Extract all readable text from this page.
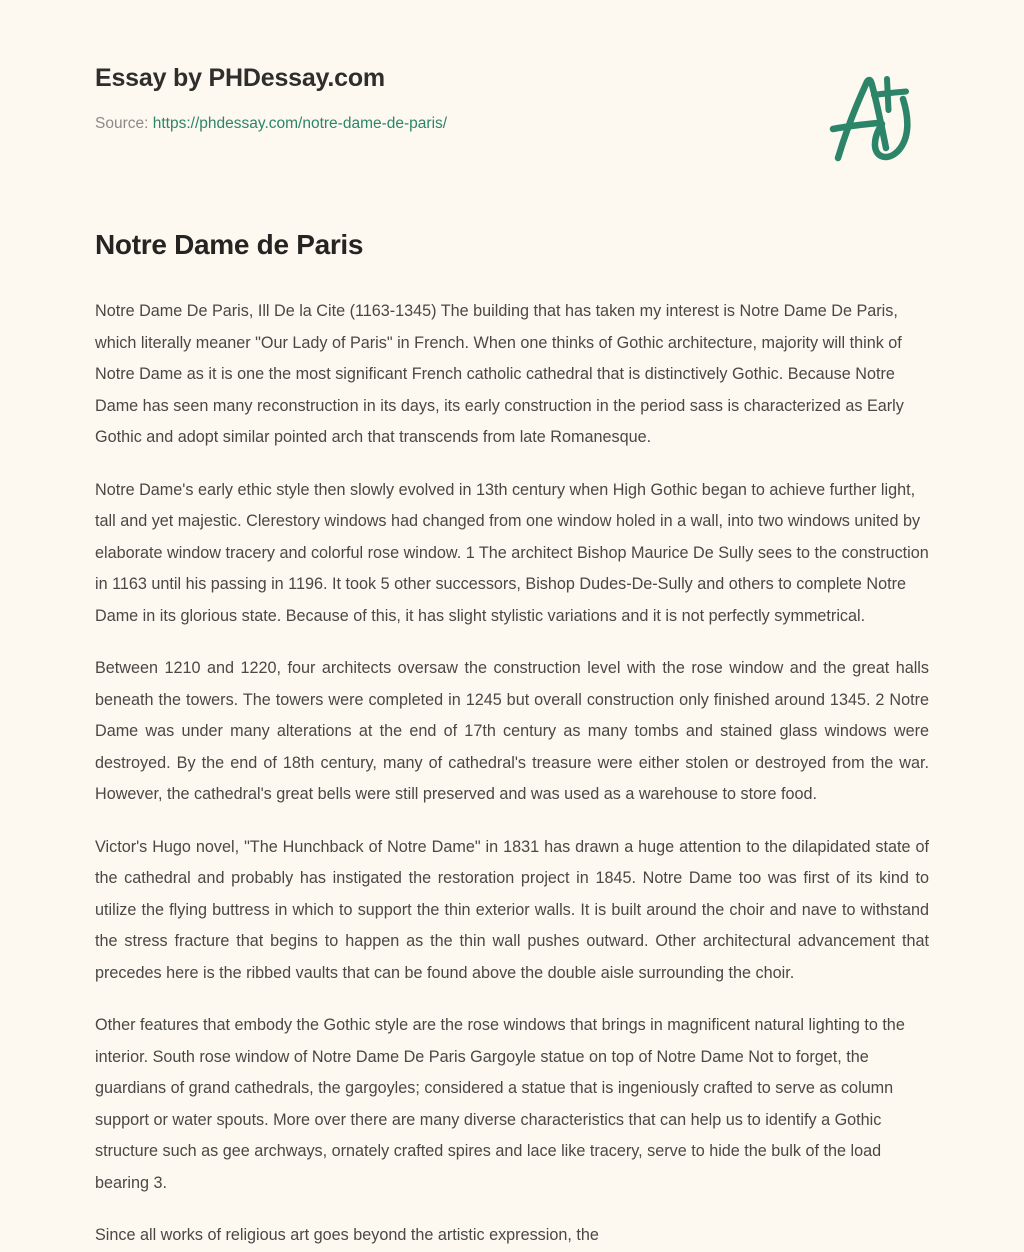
Essay by PHDessay.com

Source: https://phdessay.com/notre-dame-de-paris/

Notre Dame de Paris

Notre Dame De Paris, Ill De la Cite (1163-1345) The building that has taken my interest is Notre Dame De Paris, which literally meaner "Our Lady of Paris" in French. When one thinks of Gothic architecture, majority will think of Notre Dame as it is one the most significant French catholic cathedral that is distinctively Gothic. Because Notre Dame has seen many reconstruction in its days, its early construction in the period sass is characterized as Early Gothic and adopt similar pointed arch that transcends from late Romanesque.

Notre Dame's early ethic style then slowly evolved in 13th century when High Gothic began to achieve further light, tall and yet majestic. Clerestory windows had changed from one window holed in a wall, into two windows united by elaborate window tracery and colorful rose window. 1 The architect Bishop Maurice De Sully sees to the construction in 1163 until his passing in 1196. It took 5 other successors, Bishop Dudes-De-Sully and others to complete Notre Dame in its glorious state. Because of this, it has slight stylistic variations and it is not perfectly symmetrical.

Between 1210 and 1220, four architects oversaw the construction level with the rose window and the great halls beneath the towers. The towers were completed in 1245 but overall construction only finished around 1345. 2 Notre Dame was under many alterations at the end of 17th century as many tombs and stained glass windows were destroyed. By the end of 18th century, many of cathedral's treasure were either stolen or destroyed from the war. However, the cathedral's great bells were still preserved and was used as a warehouse to store food.

Victor's Hugo novel, "The Hunchback of Notre Dame" in 1831 has drawn a huge attention to the dilapidated state of the cathedral and probably has instigated the restoration project in 1845. Notre Dame too was first of its kind to utilize the flying buttress in which to support the thin exterior walls. It is built around the choir and nave to withstand the stress fracture that begins to happen as the thin wall pushes outward. Other architectural advancement that precedes here is the ribbed vaults that can be found above the double aisle surrounding the choir.

Other features that embody the Gothic style are the rose windows that brings in magnificent natural lighting to the interior. South rose window of Notre Dame De Paris Gargoyle statue on top of Notre Dame Not to forget, the guardians of grand cathedrals, the gargoyles; considered a statue that is ingeniously crafted to serve as column support or water spouts. More over there are many diverse characteristics that can help us to identify a Gothic structure such as gee archways, ornately crafted spires and lace like tracery, serve to hide the bulk of the load bearing 3.

Since all works of religious art goes beyond the artistic expression, the
